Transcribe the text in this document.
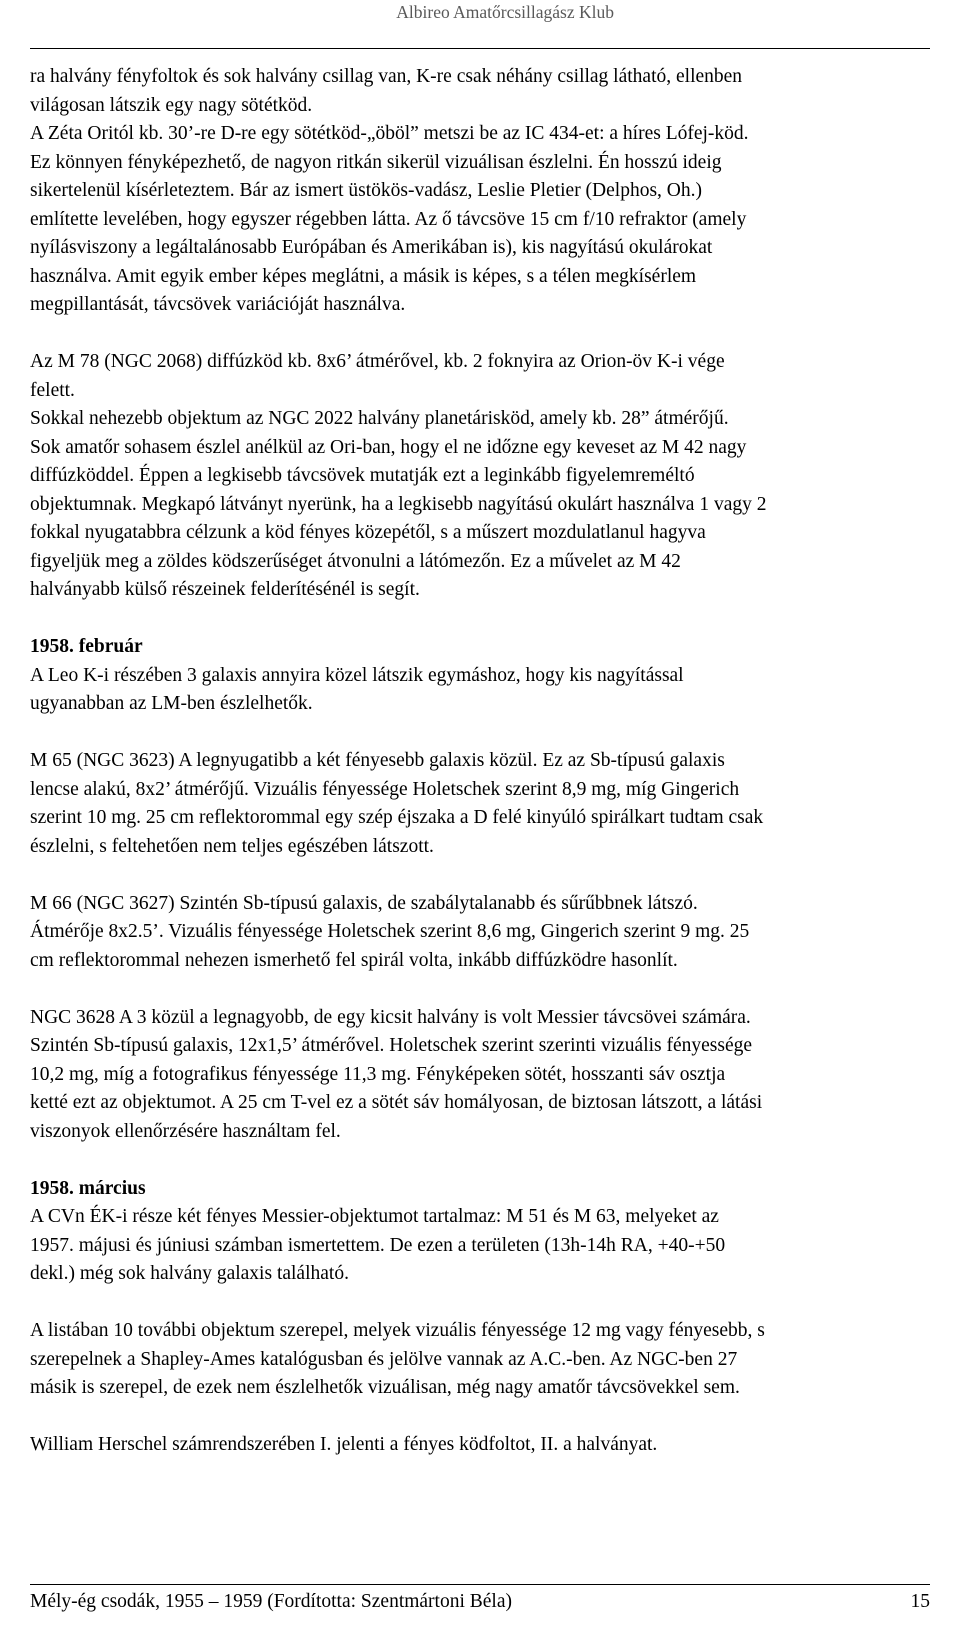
Albireo Amatőrcsillagász Klub

ra halvány fényfoltok és sok halvány csillag van, K-re csak néhány csillag látható, ellenben
világosan látszik egy nagy sötétköd.
A Zéta Oritól kb. 30’-re D-re egy sötétköd-„öböl” metszi be az IC 434-et: a híres Lófej-köd.
Ez könnyen fényképezhető, de nagyon ritkán sikerül vizuálisan észlelni. Én hosszú ideig
sikertelenül kísérleteztem. Bár az ismert üstökös-vadász, Leslie Pletier (Delphos, Oh.)
említette levelében, hogy egyszer régebben látta. Az ő távcsöve 15 cm f/10 refraktor (amely
nyílásviszony a legáltalánosabb Európában és Amerikában is), kis nagyítású okulárokat
használva. Amit egyik ember képes meglátni, a másik is képes, s a télen megkísérlem
megpillantását, távcsövek variációját használva.

Az M 78 (NGC 2068) diffúzköd kb. 8x6’ átmérővel, kb. 2 foknyira az Orion-öv K-i vége
felett.
Sokkal nehezebb objektum az NGC 2022 halvány planetárisköd, amely kb. 28” átmérőjű.
Sok amatőr sohasem észlel anélkül az Ori-ban, hogy el ne időzne egy keveset az M 42 nagy
diffúzköddel. Éppen a legkisebb távcsövek mutatják ezt a leginkább figyelemreméltó
objektumnak. Megkapó látványt nyerünk, ha a legkisebb nagyítású okulárt használva 1 vagy 2
fokkal nyugatabbra célzunk a köd fényes közepétől, s a műszert mozdulatlanul hagyva
figyeljük meg a zöldes ködszerűséget átvonulni a látómezőn. Ez a művelet az M 42
halványabb külső részeinek felderítésénél is segít.

1958. február

A Leo K-i részében 3 galaxis annyira közel látszik egymáshoz, hogy kis nagyítással
ugyanabban az LM-ben észlelhetők.

M 65 (NGC 3623) A legnyugatibb a két fényesebb galaxis közül. Ez az Sb-típusú galaxis
lencse alakú, 8x2’ átmérőjű. Vizuális fényessége Holetschek szerint 8,9 mg, míg Gingerich
szerint 10 mg. 25 cm reflektorommal egy szép éjszaka a D felé kinyúló spirálkart tudtam csak
észlelni, s feltehetően nem teljes egészében látszott.

M 66 (NGC 3627) Szintén Sb-típusú galaxis, de szabálytalanabb és sűrűbbnek látszó.
Átmérője 8x2.5’. Vizuális fényessége Holetschek szerint 8,6 mg, Gingerich szerint 9 mg. 25
cm reflektorommal nehezen ismerhető fel spirál volta, inkább diffúzködre hasonlít.

NGC 3628 A 3 közül a legnagyobb, de egy kicsit halvány is volt Messier távcsövei számára.
Szintén Sb-típusú galaxis, 12x1,5’ átmérővel. Holetschek szerint szerinti vizuális fényessége
10,2 mg, míg a fotografikus fényessége 11,3 mg. Fényképeken sötét, hosszanti sáv osztja
ketté ezt az objektumot. A 25 cm T-vel ez a sötét sáv homályosan, de biztosan látszott, a látási
viszonyok ellenőrzésére használtam fel.

1958. március

A CVn ÉK-i része két fényes Messier-objektumot tartalmaz: M 51 és M 63, melyeket az
1957. májusi és júniusi számban ismertettem. De ezen a területen (13h-14h RA, +40-+50
dekl.) még sok halvány galaxis található.

A listában 10 további objektum szerepel, melyek vizuális fényessége 12 mg vagy fényesebb, s
szerepelnek a Shapley-Ames katalógusban és jelölve vannak az A.C.-ben. Az NGC-ben 27
másik is szerepel, de ezek nem észlelhetők vizuálisan, még nagy amatőr távcsövekkel sem.

William Herschel számrendszerében I. jelenti a fényes ködfoltot, II. a halványat.

Mély-ég csodák, 1955 – 1959 (Fordította: Szentmártoni Béla)	15
